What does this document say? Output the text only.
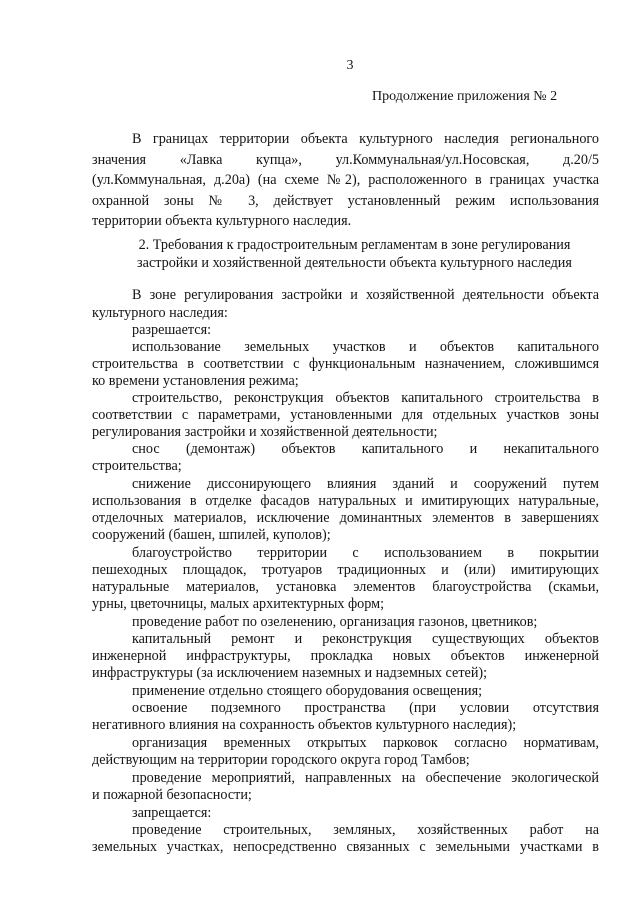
3
Продолжение приложения № 2
В границах территории объекта культурного наследия регионального
значения «Лавка купца», ул.Коммунальная/ул.Носовская, д.20/5
(ул.Коммунальная, д.20а) (на схеме №2), расположенного в границах участка
охранной зоны № 3, действует установленный режим использования
территории объекта культурного наследия.
2. Требования к градостроительным регламентам в зоне регулирования
застройки и хозяйственной деятельности объекта культурного наследия
В зоне регулирования застройки и хозяйственной деятельности объекта
культурного наследия:
разрешается:
использование земельных участков и объектов капитального
строительства в соответствии с функциональным назначением, сложившимся
ко времени установления режима;
строительство, реконструкция объектов капитального строительства в
соответствии с параметрами, установленными для отдельных участков зоны
регулирования застройки и хозяйственной деятельности;
снос (демонтаж) объектов капитального и некапитального
строительства;
снижение диссонирующего влияния зданий и сооружений путем
использования в отделке фасадов натуральных и имитирующих натуральные,
отделочных материалов, исключение доминантных элементов в завершениях
сооружений (башен, шпилей, куполов);
благоустройство территории с использованием в покрытии
пешеходных площадок, тротуаров традиционных и (или) имитирующих
натуральные материалов, установка элементов благоустройства (скамьи,
урны, цветочницы, малых архитектурных форм;
проведение работ по озеленению, организация газонов, цветников;
капитальный ремонт и реконструкция существующих объектов
инженерной инфраструктуры, прокладка новых объектов инженерной
инфраструктуры (за исключением наземных и надземных сетей);
применение отдельно стоящего оборудования освещения;
освоение подземного пространства (при условии отсутствия
негативного влияния на сохранность объектов культурного наследия);
организация временных открытых парковок согласно нормативам,
действующим на территории городского округа город Тамбов;
проведение мероприятий, направленных на обеспечение экологической
и пожарной безопасности;
запрещается:
проведение строительных, земляных, хозяйственных работ на
земельных участках, непосредственно связанных с земельными участками в
